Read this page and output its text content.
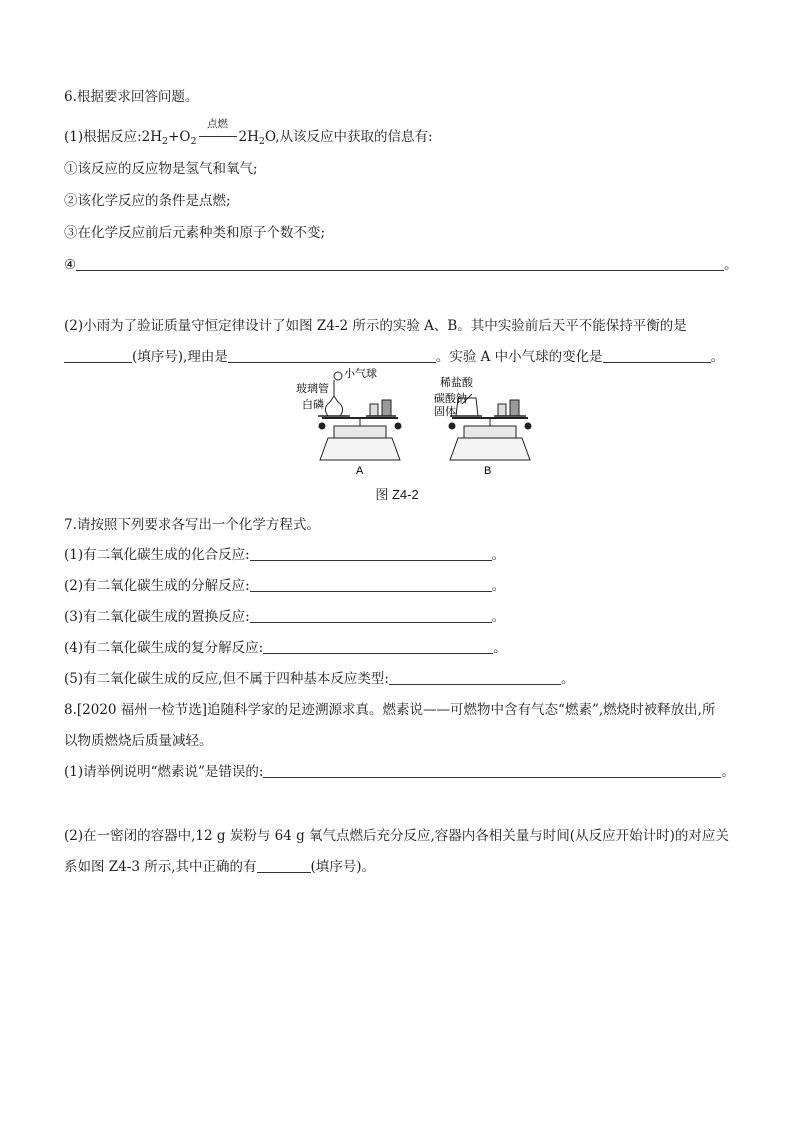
6.根据要求回答问题。
(1)根据反应$:2H_2+O_2$
点燃
$2H_2O$,从该反应中获取的信息有:
①该反应的反应物是氢气和氧气;
②该化学反应的条件是点燃;
③在化学反应前后元素种类和原子个数不变;
④	。
(2)小雨为了验证质量守恒定律设计了如图 Z4-2 所示的实验 A、B。其中实验前后天平不能保持平衡的是
(填序号),理由是	。实验 A 中小气球的变化是	。
玻璃管
小气球
白磷
A
稀盐酸
碳酸钠
固体
B
图 Z4-2
7.请按照下列要求各写出一个化学方程式。
(1)有二氧化碳生成的化合反应:	。
(2)有二氧化碳生成的分解反应:	。
(3)有二氧化碳生成的置换反应:	。
(4)有二氧化碳生成的复分解反应:	。
(5)有二氧化碳生成的反应,但不属于四种基本反应类型:	。
8.[2020 福州一检节选]追随科学家的足迹溯源求真。燃素说——可燃物中含有气态“燃素”,燃烧时被释放出,所
以物质燃烧后质量减轻。
(1)请举例说明“燃素说”是错误的:	。
(2)在一密闭的容器中,12 g 炭粉与 64 g 氧气点燃后充分反应,容器内各相关量与时间(从反应开始计时)的对应关
系如图 Z4-3 所示,其中正确的有	(填序号)。
